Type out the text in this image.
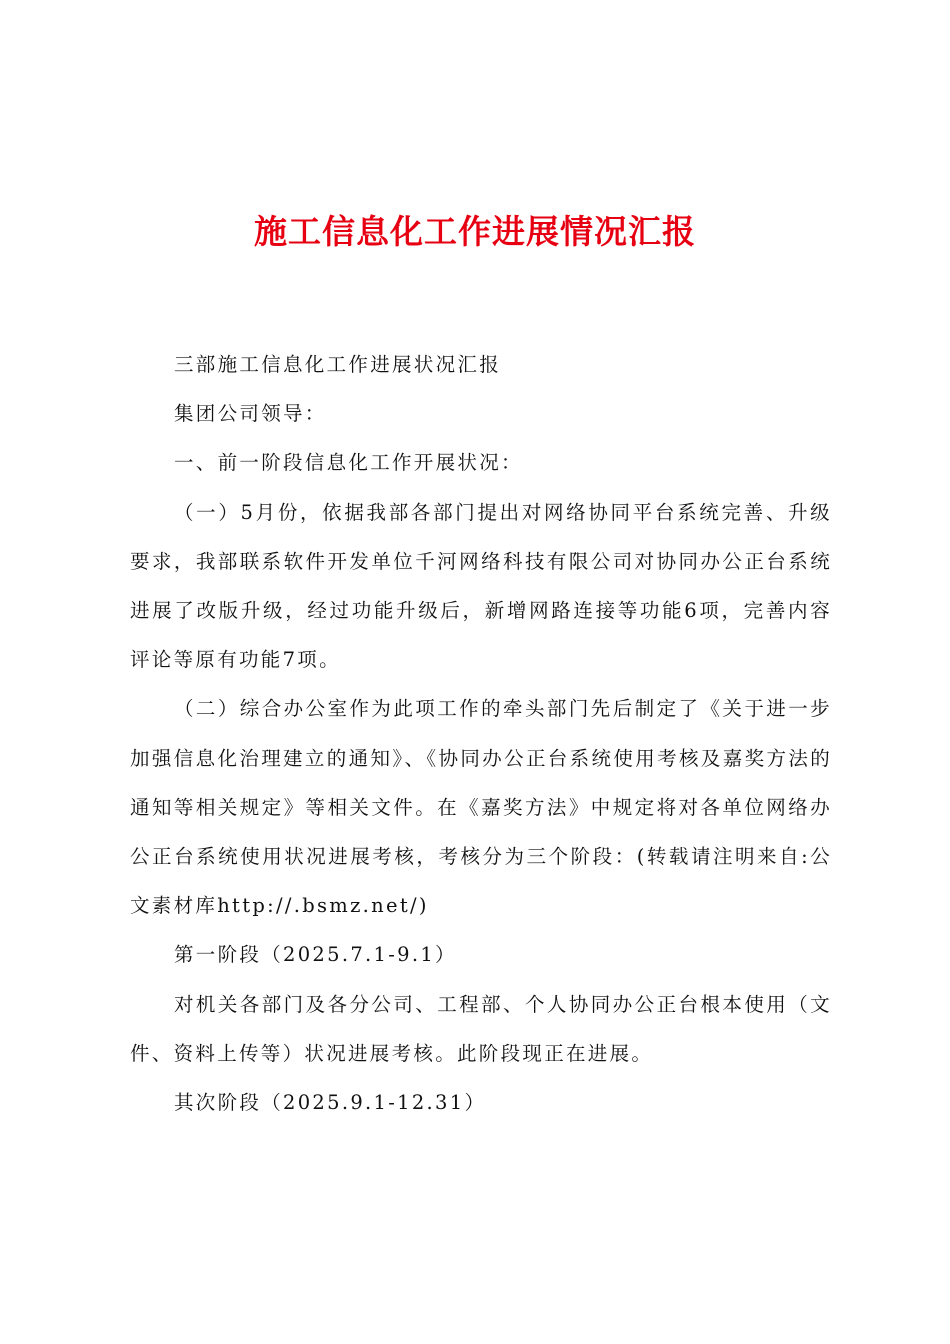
施工信息化工作进展情况汇报

三部施工信息化工作进展状况汇报

集团公司领导：

一、前一阶段信息化工作开展状况：

（一）5月份，依据我部各部门提出对网络协同平台系统完善、升级要求，我部联系软件开发单位千河网络科技有限公司对协同办公正台系统进展了改版升级，经过功能升级后，新增网路连接等功能6项，完善内容评论等原有功能7项。

（二）综合办公室作为此项工作的牵头部门先后制定了《关于进一步加强信息化治理建立的通知》、《协同办公正台系统使用考核及嘉奖方法的通知等相关规定》等相关文件。在《嘉奖方法》中规定将对各单位网络办公正台系统使用状况进展考核，考核分为三个阶段：(转载请注明来自:公文素材库http://.bsmz.net/)

第一阶段（2025.7.1-9.1）

对机关各部门及各分公司、工程部、个人协同办公正台根本使用（文件、资料上传等）状况进展考核。此阶段现正在进展。

其次阶段（2025.9.1-12.31）
